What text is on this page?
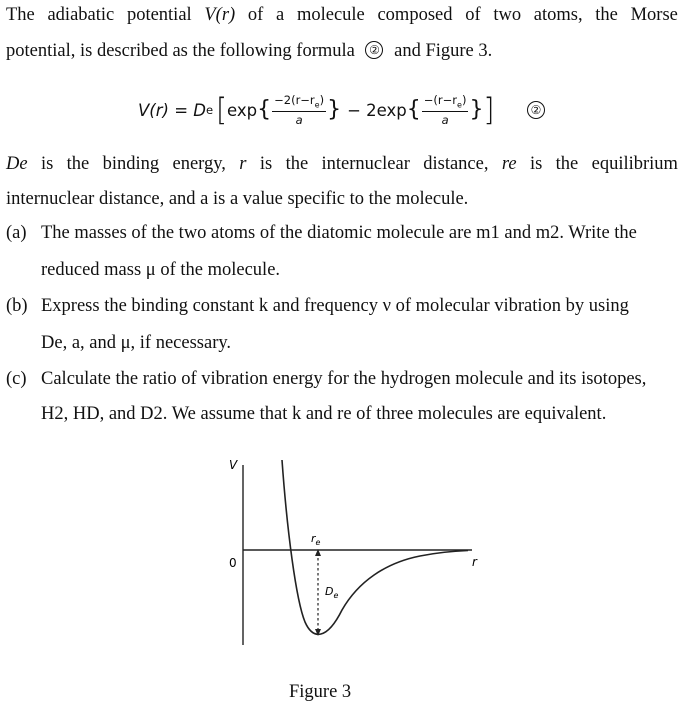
The adiabatic potential V(r) of a molecule composed of two atoms, the Morse
potential, is described as the following formula ② and Figure 3.
V(r) = D e [ exp { $\frac{-2(r-r_e)}{a}$ } − 2exp { $\frac{-(r-r_e)}{a}$ } ]	②
De is the binding energy, r is the internuclear distance, re is the equilibrium
internuclear distance, and a is a value specific to the molecule.
(a) The masses of the two atoms of the diatomic molecule are m1 and m2. Write the
reduced mass μ of the molecule.
(b) Express the binding constant k and frequency ν of molecular vibration by using
De, a, and μ, if necessary.
(c) Calculate the ratio of vibration energy for the hydrogen molecule and its isotopes,
H2, HD, and D2. We assume that k and re of three molecules are equivalent.
V
0	r
$r_e$
$D_e$
Figure 3
